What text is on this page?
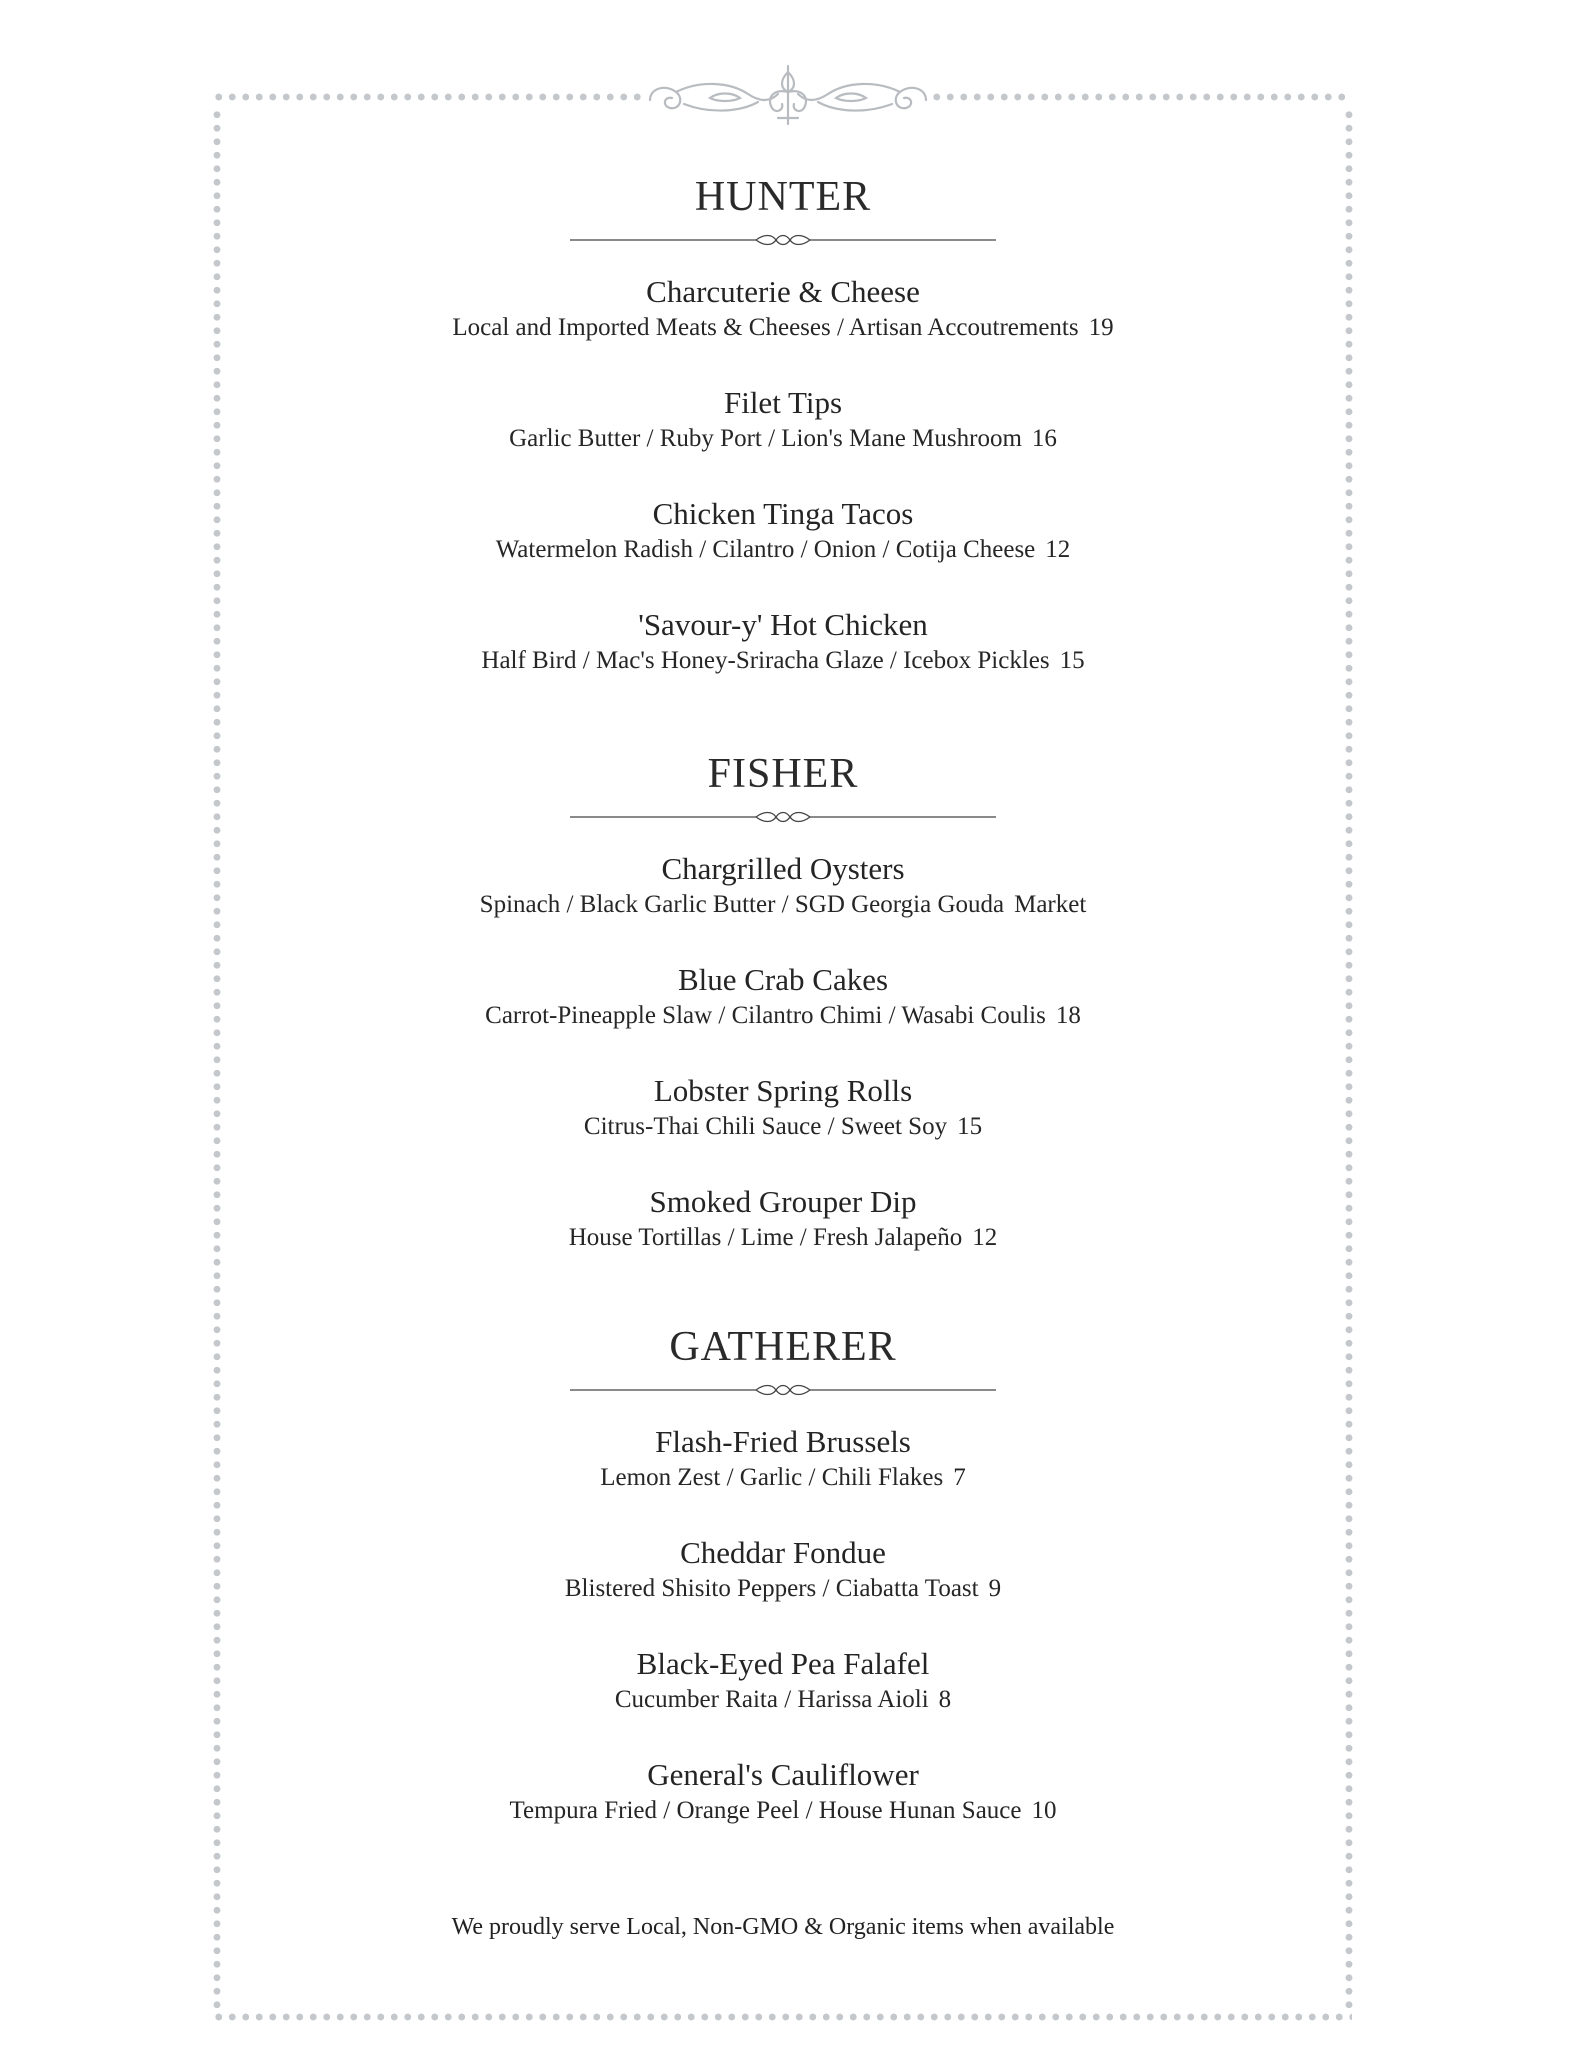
HUNTER
Charcuterie & Cheese
Local and Imported Meats & Cheeses / Artisan Accoutrements 19
Filet Tips
Garlic Butter / Ruby Port / Lion's Mane Mushroom 16
Chicken Tinga Tacos
Watermelon Radish / Cilantro / Onion / Cotija Cheese 12
'Savour-y' Hot Chicken
Half Bird / Mac's Honey-Sriracha Glaze / Icebox Pickles 15
FISHER
Chargrilled Oysters
Spinach / Black Garlic Butter / SGD Georgia Gouda Market
Blue Crab Cakes
Carrot-Pineapple Slaw / Cilantro Chimi / Wasabi Coulis 18
Lobster Spring Rolls
Citrus-Thai Chili Sauce / Sweet Soy 15
Smoked Grouper Dip
House Tortillas / Lime / Fresh Jalapeño 12
GATHERER
Flash-Fried Brussels
Lemon Zest / Garlic / Chili Flakes 7
Cheddar Fondue
Blistered Shisito Peppers / Ciabatta Toast 9
Black-Eyed Pea Falafel
Cucumber Raita / Harissa Aioli 8
General's Cauliflower
Tempura Fried / Orange Peel / House Hunan Sauce 10
We proudly serve Local, Non-GMO & Organic items when available
